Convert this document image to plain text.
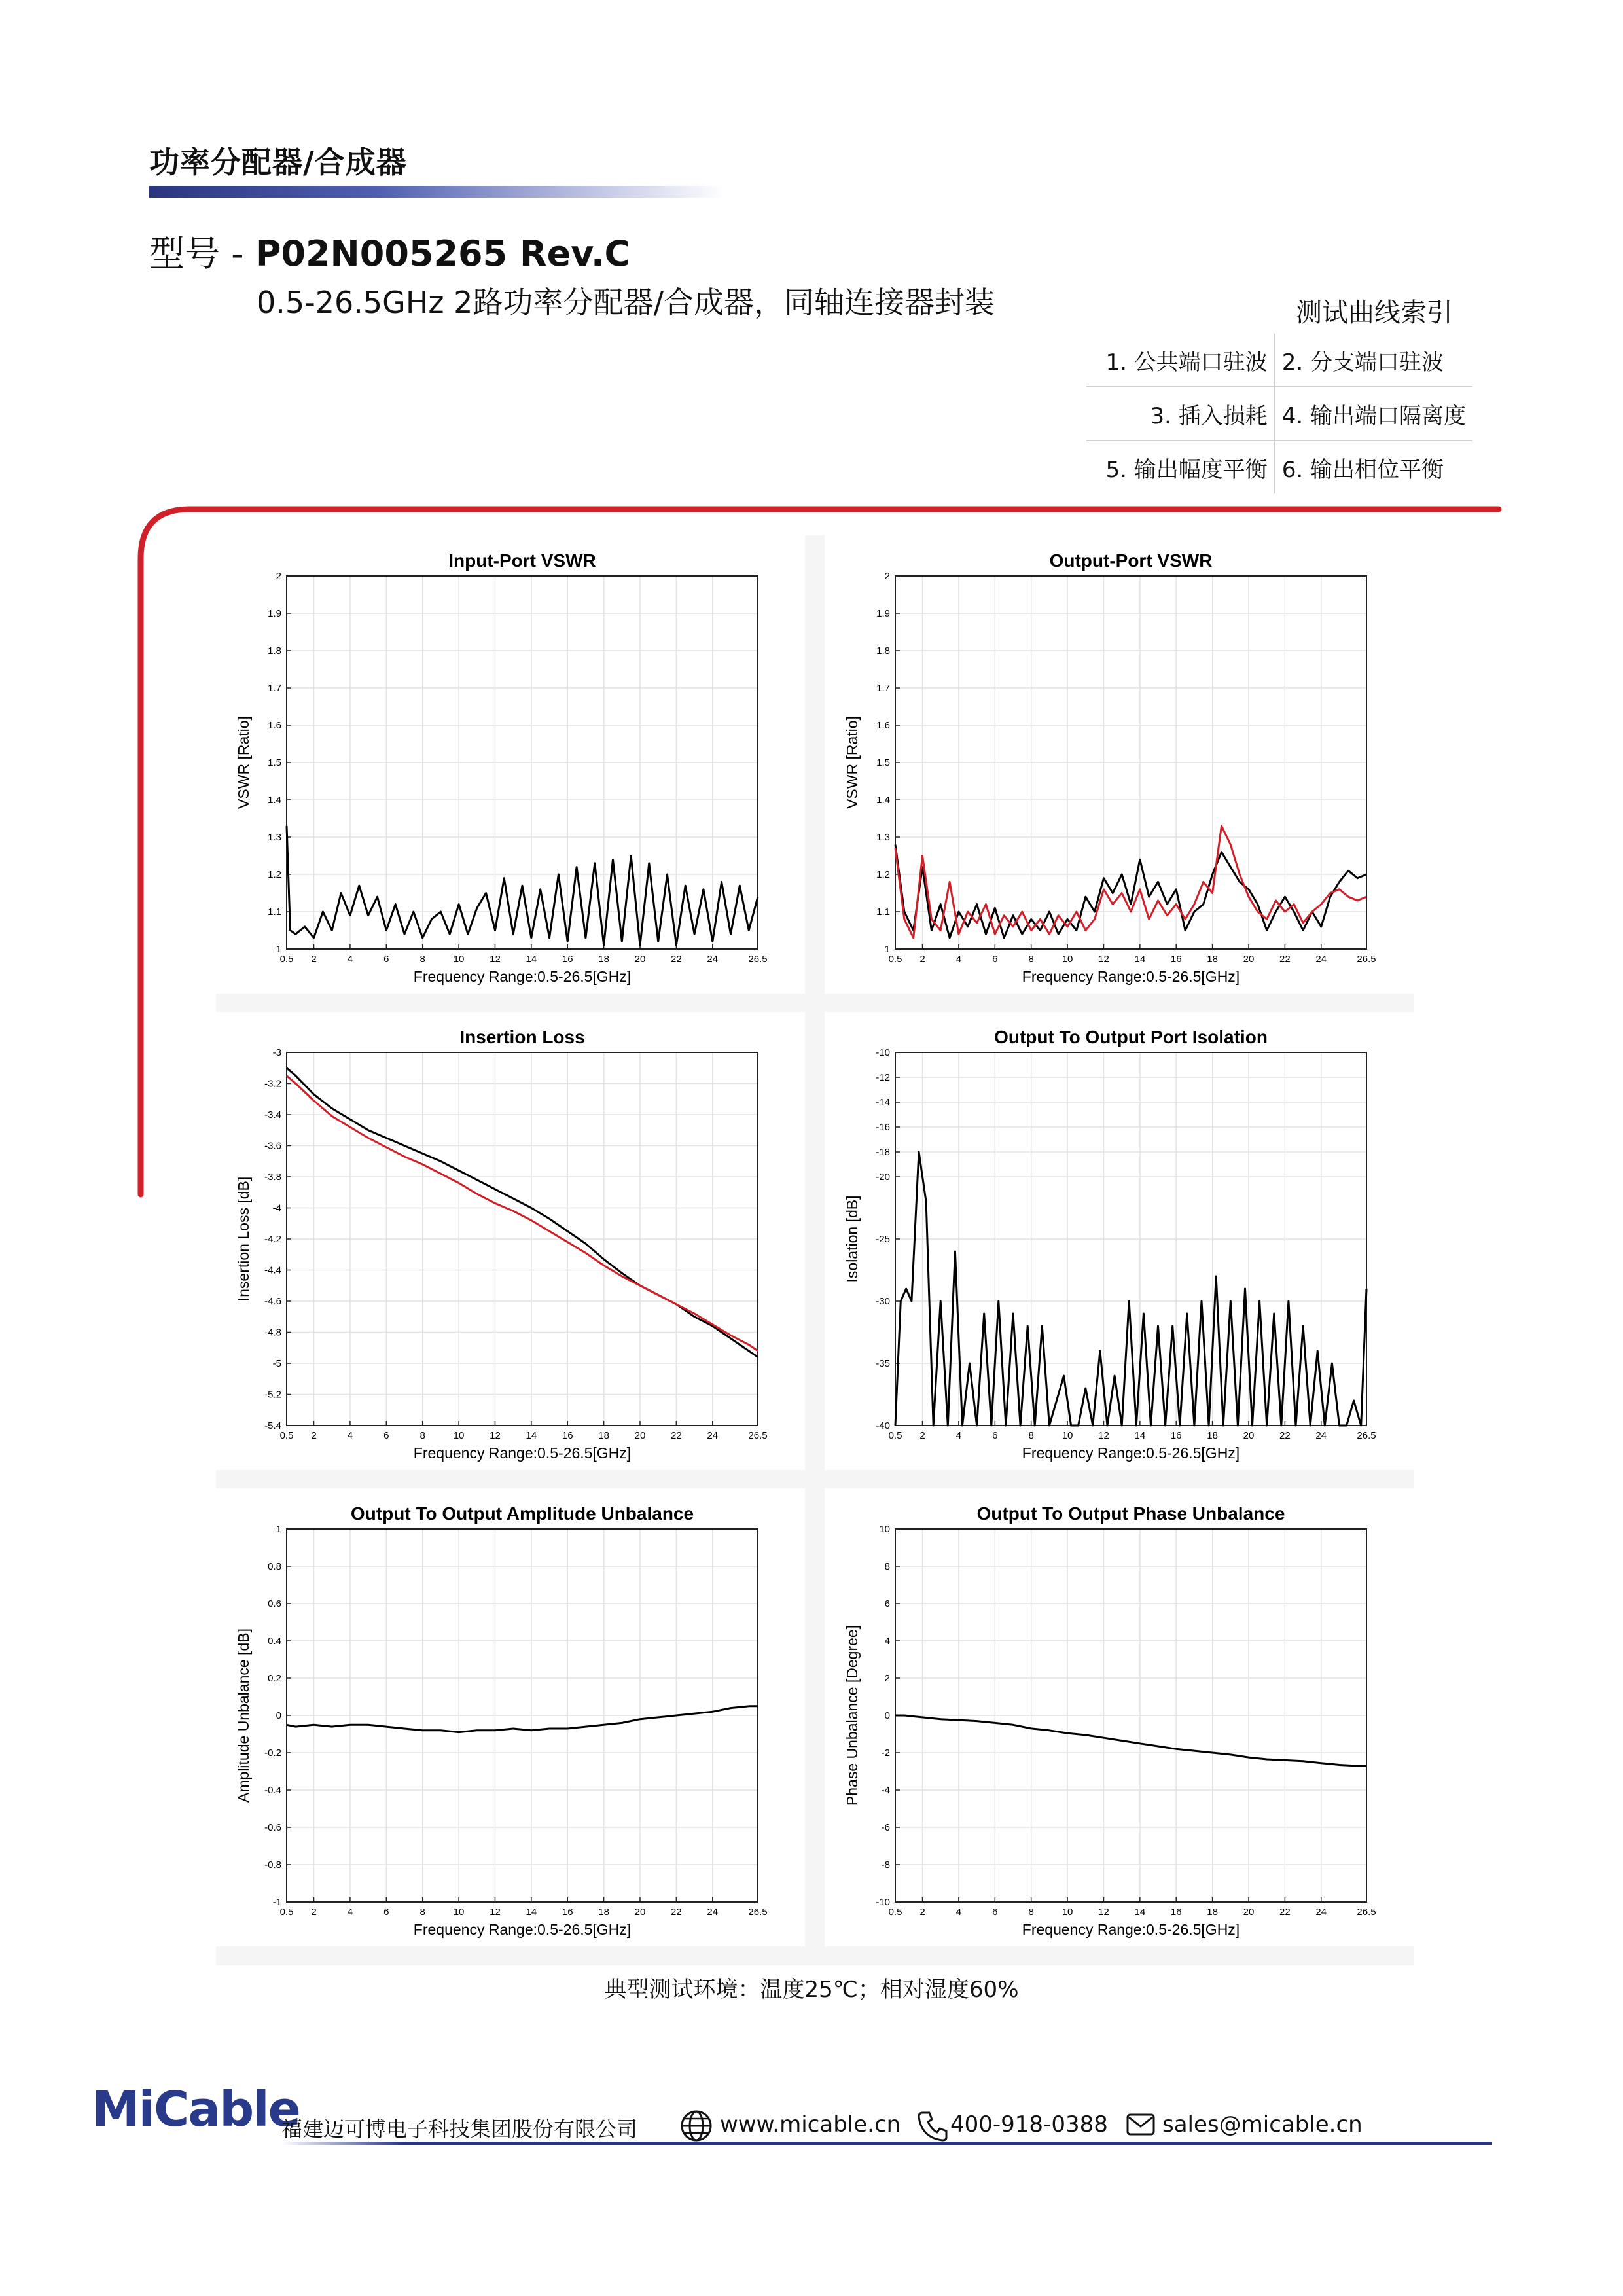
功率分配器/合成器
型号 - P02N005265 Rev.C
0.5-26.5GHz 2路功率分配器/合成器，同轴连接器封装	测试曲线索引
1. 公共端口驻波	2. 分支端口驻波
3. 插入损耗	4. 输出端口隔离度
5. 输出幅度平衡	6. 输出相位平衡
0.5 2	4	6	8	10	12	14	16	18	20	22	24	26.5
1
1.1
1.2
1.3
1.4
1.5
1.6
1.7
1.8
1.9
2
Input-Port VSWR
Frequency Range:0.5-26.5[GHz]
VSWR [Ratio]
0.5 2	4	6	8	10	12	14	16	18	20	22	24	26.5
1
1.1
1.2
1.3
1.4
1.5
1.6
1.7
1.8
1.9
2
Output-Port VSWR
Frequency Range:0.5-26.5[GHz]
VSWR [Ratio]
0.5 2	4	6	8	10	12	14	16	18	20	22	24	26.5
-3
-3.2
-3.4
-3.6
-3.8
-4
-4.2
-4.4
-4.6
-4.8
-5
-5.2
-5.4
Insertion Loss
Frequency Range:0.5-26.5[GHz]
Insertion Loss [dB]
0.5 2	4	6	8	10	12	14	16	18	20	22	24	26.5
-10
-12
-14
-16
-18
-20
-25
-30
-35
-40
Output To Output Port Isolation
Frequency Range:0.5-26.5[GHz]
Isolation [dB]
0.5 2	4	6	8	10	12	14	16	18	20	22	24	26.5
1
0.8
0.6
0.4
0.2
0
-0.2
-0.4
-0.6
-0.8
-1
Output To Output Amplitude Unbalance
Frequency Range:0.5-26.5[GHz]
Amplitude Unbalance [dB]
0.5 2	4	6	8	10	12	14	16	18	20	22	24	26.5
10
8
6
4
2
0
-2
-4
-6
-8
-10
Output To Output Phase Unbalance
Frequency Range:0.5-26.5[GHz]
Phase Unbalance [Degree]
典型测试环境：温度25℃；相对湿度60%
MiCable
福建迈可博电子科技集团股份有限公司	www.micable.cn 400-918-0388 sales@micable.cn
